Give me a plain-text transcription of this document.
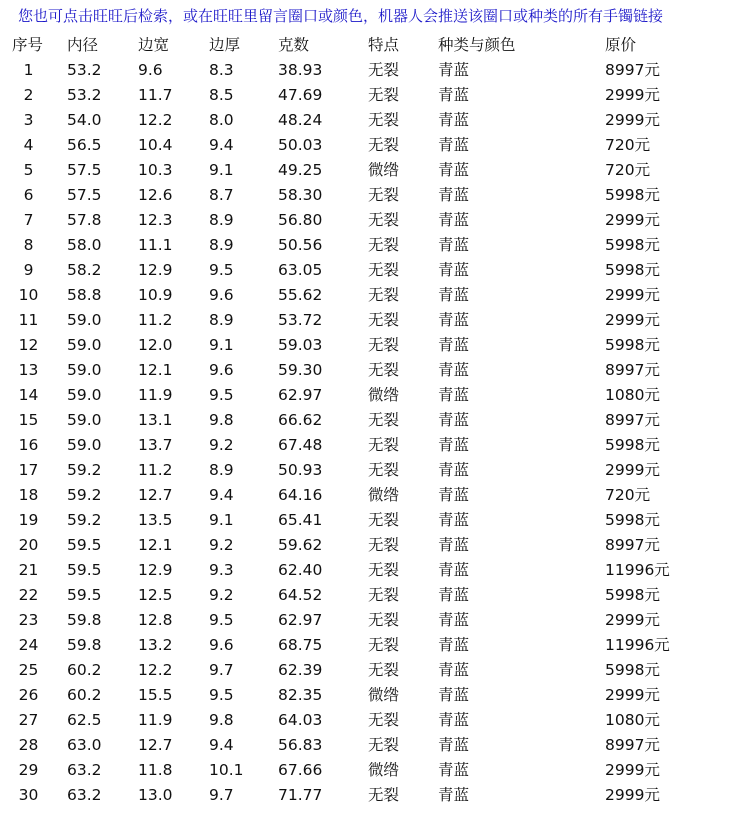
您也可点击旺旺后检索，或在旺旺里留言圈口或颜色，机器人会推送该圈口或种类的所有手镯链接
序号	内径	边宽	边厚	克数	特点	种类与颜色	原价
1	53.2	9.6	8.3	38.93	无裂	青蓝	8997元
2	53.2	11.7	8.5	47.69	无裂	青蓝	2999元
3	54.0	12.2	8.0	48.24	无裂	青蓝	2999元
4	56.5	10.4	9.4	50.03	无裂	青蓝	720元
5	57.5	10.3	9.1	49.25	微绺	青蓝	720元
6	57.5	12.6	8.7	58.30	无裂	青蓝	5998元
7	57.8	12.3	8.9	56.80	无裂	青蓝	2999元
8	58.0	11.1	8.9	50.56	无裂	青蓝	5998元
9	58.2	12.9	9.5	63.05	无裂	青蓝	5998元
10	58.8	10.9	9.6	55.62	无裂	青蓝	2999元
11	59.0	11.2	8.9	53.72	无裂	青蓝	2999元
12	59.0	12.0	9.1	59.03	无裂	青蓝	5998元
13	59.0	12.1	9.6	59.30	无裂	青蓝	8997元
14	59.0	11.9	9.5	62.97	微绺	青蓝	1080元
15	59.0	13.1	9.8	66.62	无裂	青蓝	8997元
16	59.0	13.7	9.2	67.48	无裂	青蓝	5998元
17	59.2	11.2	8.9	50.93	无裂	青蓝	2999元
18	59.2	12.7	9.4	64.16	微绺	青蓝	720元
19	59.2	13.5	9.1	65.41	无裂	青蓝	5998元
20	59.5	12.1	9.2	59.62	无裂	青蓝	8997元
21	59.5	12.9	9.3	62.40	无裂	青蓝	11996元
22	59.5	12.5	9.2	64.52	无裂	青蓝	5998元
23	59.8	12.8	9.5	62.97	无裂	青蓝	2999元
24	59.8	13.2	9.6	68.75	无裂	青蓝	11996元
25	60.2	12.2	9.7	62.39	无裂	青蓝	5998元
26	60.2	15.5	9.5	82.35	微绺	青蓝	2999元
27	62.5	11.9	9.8	64.03	无裂	青蓝	1080元
28	63.0	12.7	9.4	56.83	无裂	青蓝	8997元
29	63.2	11.8	10.1	67.66	微绺	青蓝	2999元
30	63.2	13.0	9.7	71.77	无裂	青蓝	2999元
